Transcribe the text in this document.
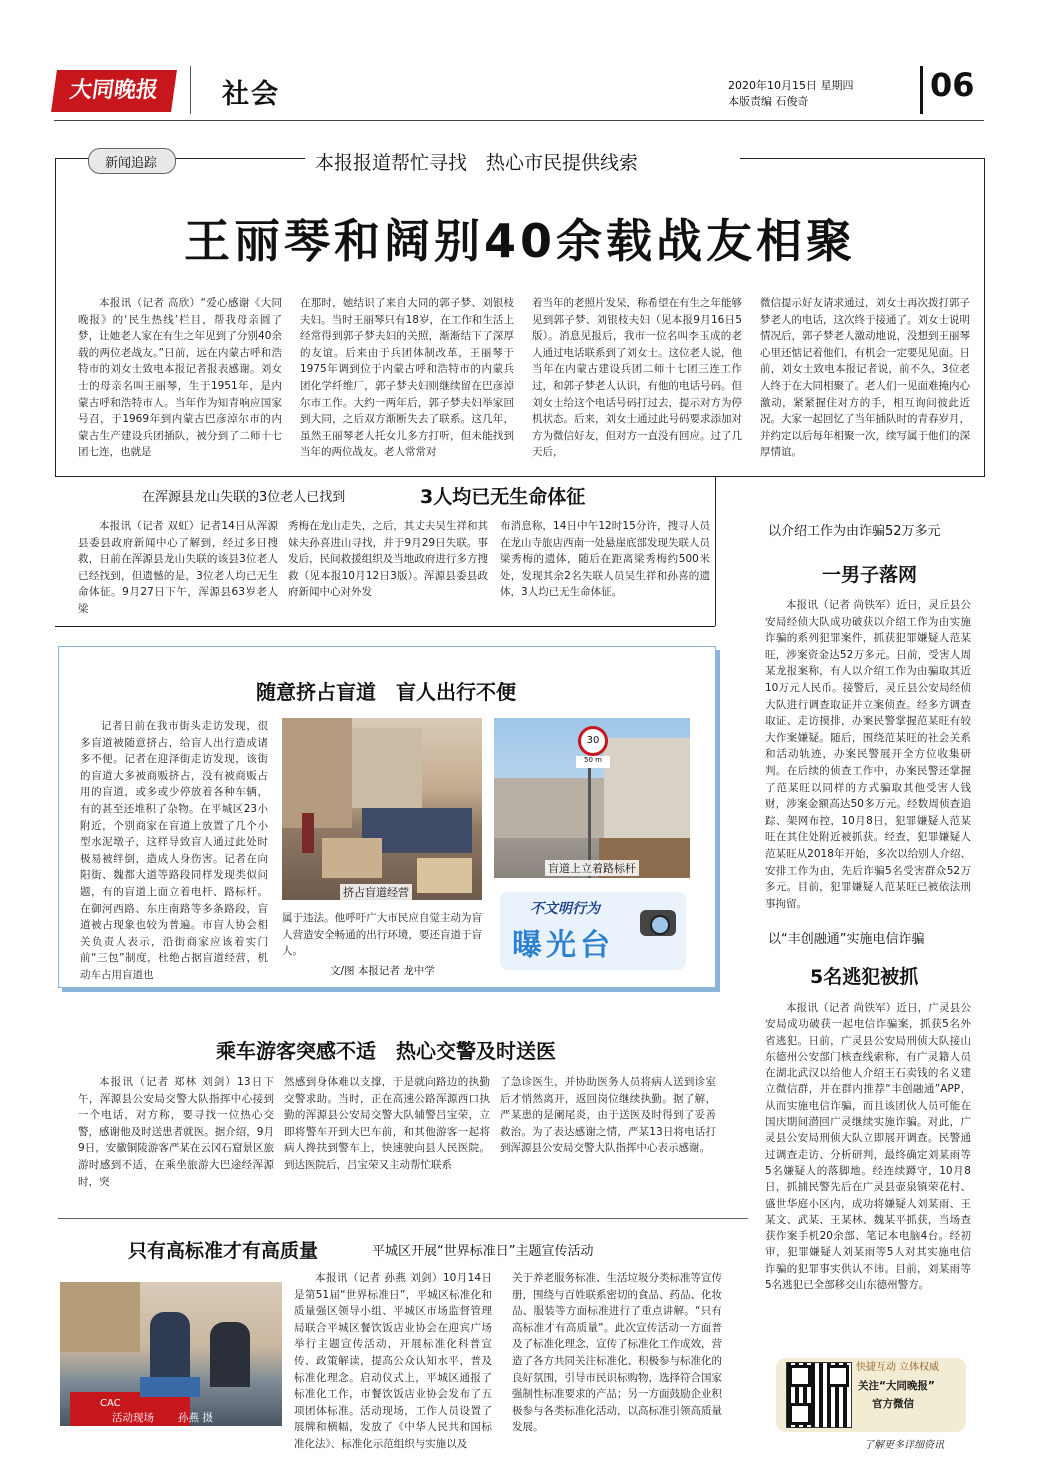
大同晚报	社会	2020年10月15日 星期四
本版责编 石俊奇	06
新闻追踪	本报报道帮忙寻找　热心市民提供线索
王丽琴和阔别40余载战友相聚

本报讯（记者 高欣）“爱心感谢《大同晚报》的‘民生热线’栏目，帮我母亲圆了梦，让她老人家在有生之年见到了分别40余载的两位老战友。”日前，远在内蒙古呼和浩特市的刘女士致电本报记者报表感谢。刘女士的母亲名叫王丽琴，生于1951年，是内蒙古呼和浩特市人。当年作为知青响应国家号召，于1969年到内蒙古巴彦淖尔市的内蒙古生产建设兵团插队，被分到了二师十七团七连，也就是

在那时，她结识了来自大同的郭子梦、刘银枝夫妇。当时王丽琴只有18岁，在工作和生活上经常得到郭子梦夫妇的关照，渐渐结下了深厚的友谊。后来由于兵团体制改革，王丽琴于1975年调到位于内蒙古呼和浩特市的内蒙兵团化学纤维厂，郭子梦夫妇则继续留在巴彦淖尔市工作。大约一两年后，郭子梦夫妇举家回到大同，之后双方渐断失去了联系。这几年，虽然王丽琴老人托女儿多方打听，但未能找到当年的两位战友。老人常常对

着当年的老照片发呆，称希望在有生之年能够见到郭子梦、刘银枝夫妇（见本报9月16日5版）。消息见报后，我市一位名叫李玉成的老人通过电话联系到了刘女士。这位老人说，他当年在内蒙古建设兵团二师十七团三连工作过，和郭子梦老人认识，有他的电话号码。但刘女士给这个电话号码打过去，提示对方为停机状态。后来，刘女士通过此号码要求添加对方为微信好友，但对方一直没有回应。过了几天后，

微信提示好友请求通过，刘女士再次拨打郭子梦老人的电话，这次终于接通了。刘女士说明情况后，郭子梦老人激动地说，没想到王丽琴心里还惦记着他们，有机会一定要见见面。日前，刘女士致电本报记者说，前不久，3位老人终于在大同相聚了。老人们一见面难掩内心激动，紧紧握住对方的手，相互询问彼此近况。大家一起回忆了当年插队时的青春岁月，并约定以后每年相聚一次，续写属于他们的深厚情谊。

在浑源县龙山失联的3位老人已找到	3人均已无生命体征

本报讯（记者 双虹）记者14日从浑源县委县政府新闻中心了解到，经过多日搜救，日前在浑源县龙山失联的该县3位老人已经找到，但遗憾的是，3位老人均已无生命体征。9月27日下午，浑源县63岁老人梁

秀梅在龙山走失，之后，其丈夫吴生祥和其妹夫孙喜进山寻找，并于9月29日失联。事发后，民间救援组织及当地政府进行多方搜救（见本报10月12日3版）。浑源县委县政府新闻中心对外发

布消息称，14日中午12时15分许，搜寻人员在龙山寺旅店西南一处悬崖底部发现失联人员梁秀梅的遗体，随后在距离梁秀梅约500米处，发现其余2名失联人员吴生祥和孙喜的遗体，3人均已无生命体征。

以介绍工作为由诈骗52万多元
一男子落网

本报讯（记者 尚铁军）近日，灵丘县公安局经侦大队成功破获以介绍工作为由实施诈骗的系列犯罪案件，抓获犯罪嫌疑人范某旺，涉案资金达52万多元。日前，受害人周某龙报案称，有人以介绍工作为由骗取其近10万元人民币。接警后，灵丘县公安局经侦大队进行调查取证并立案侦查。经多方调查取证、走访摸排，办案民警掌握范某旺有较大作案嫌疑。随后，围绕范某旺的社会关系和活动轨迹，办案民警展开全方位收集研判。在后续的侦查工作中，办案民警还掌握了范某旺以同样的方式骗取其他受害人钱财，涉案金额高达50多万元。经数周侦查追踪、架网布控，10月8日，犯罪嫌疑人范某旺在其住处附近被抓获。经查，犯罪嫌疑人范某旺从2018年开始，多次以给别人介绍、安排工作为由，先后诈骗5名受害群众52万多元。目前，犯罪嫌疑人范某旺已被依法刑事拘留。

以“丰创融通”实施电信诈骗
5名逃犯被抓

本报讯（记者 尚铁军）近日，广灵县公安局成功破获一起电信诈骗案，抓获5名外省逃犯。日前，广灵县公安局刑侦大队接山东德州公安部门核查线索称，有广灵籍人员在湖北武汉以给他人介绍王石卖钱的名义建立微信群，并在群内推荐“丰创融通”APP，从而实施电信诈骗，而且该团伙人员可能在国庆期间潜回广灵继续实施诈骗。对此，广灵县公安局刑侦大队立即展开调查。民警通过调查走访、分析研判，最终确定刘某雨等5名嫌疑人的落脚地。经连续蹲守，10月8日，抓捕民警先后在广灵县壶泉镇荣花村、盛世华庭小区内，成功将嫌疑人刘某雨、王某文、武某、王某林、魏某平抓获，当场查获作案手机20余部、笔记本电脑4台。经初审，犯罪嫌疑人刘某雨等5人对其实施电信诈骗的犯罪事实供认不讳。目前，刘某雨等5名逃犯已全部移交山东德州警方。

随意挤占盲道　盲人出行不便

记者日前在我市街头走访发现，很多盲道被随意挤占，给盲人出行造成诸多不便。记者在迎泽街走访发现，该街的盲道大多被商贩挤占，没有被商贩占用的盲道，或多或少停放着各种车辆，有的甚至还堆积了杂物。在平城区23小附近，个别商家在盲道上放置了几个小型水泥墩子，这样导致盲人通过此处时极易被绊倒，造成人身伤害。记者在向阳街、魏都大道等路段同样发现类似问题，有的盲道上面立着电杆、路标杆。在御河西路、东庄南路等多条路段，盲道被占现象也较为普遍。市盲人协会相关负责人表示，沿街商家应该着实门前“三包”制度，杜绝占据盲道经营，机动车占用盲道也

属于违法。他呼吁广大市民应自觉主动为盲人营造安全畅通的出行环境，要还盲道于盲人。

文/图 本报记者 龙中学
挤占盲道经营
30
50 m
盲道上立着路标杆
不文明行为
曝光台
乘车游客突感不适　热心交警及时送医

本报讯（记者 郑林 刘剑）13日下午，浑源县公安局交警大队指挥中心接到一个电话，对方称，要寻找一位热心交警，感谢他及时送患者就医。据介绍，9月9日，安徽铜陵游客严某在云冈石窟景区旅游时感到不适，在乘坐旅游大巴途经浑源时，突

然感到身体难以支撑，于是就向路边的执勤交警求助。当时，正在高速公路浑源西口执勤的浑源县公安局交警大队辅警吕宝荣，立即将警车开到大巴车前，和其他游客一起将病人搀扶到警车上，快速驶向县人民医院。到达医院后，吕宝荣又主动帮忙联系

了急诊医生，并协助医务人员将病人送到诊室后才悄然离开，返回岗位继续执勤。据了解，严某患的是阑尾炎，由于送医及时得到了妥善救治。为了表达感谢之情，严某13日将电话打到浑源县公安局交警大队指挥中心表示感谢。

只有高标准才有高质量	平城区开展“世界标准日”主题宣传活动
CAC
活动现场 孙燕 摄

本报讯（记者 孙燕 刘剑）10月14日是第51届“世界标准日”，平城区标准化和质量强区领导小组、平城区市场监督管理局联合平城区餐饮饭店业协会在迎宾广场举行主题宣传活动，开展标准化科普宣传、政策解读，提高公众认知水平，普及标准化理念。启动仪式上，平城区通报了标准化工作，市餐饮饭店业协会发布了五项团体标准。活动现场，工作人员设置了展牌和横幅，发放了《中华人民共和国标准化法》、标准化示范组织与实施以及

关于养老服务标准、生活垃圾分类标准等宣传册，围绕与百姓联系密切的食品、药品、化妆品、服装等方面标准进行了重点讲解。“只有高标准才有高质量”。此次宣传活动一方面普及了标准化理念，宣传了标准化工作成效，营造了各方共同关注标准化、积极参与标准化的良好氛围，引导市民识标购物，选择符合国家强制性标准要求的产品；另一方面鼓励企业积极参与各类标准化活动，以高标准引领高质量发展。

快捷互动 立体权威
关注“大同晚报”
官方微信
了解更多详细资讯
